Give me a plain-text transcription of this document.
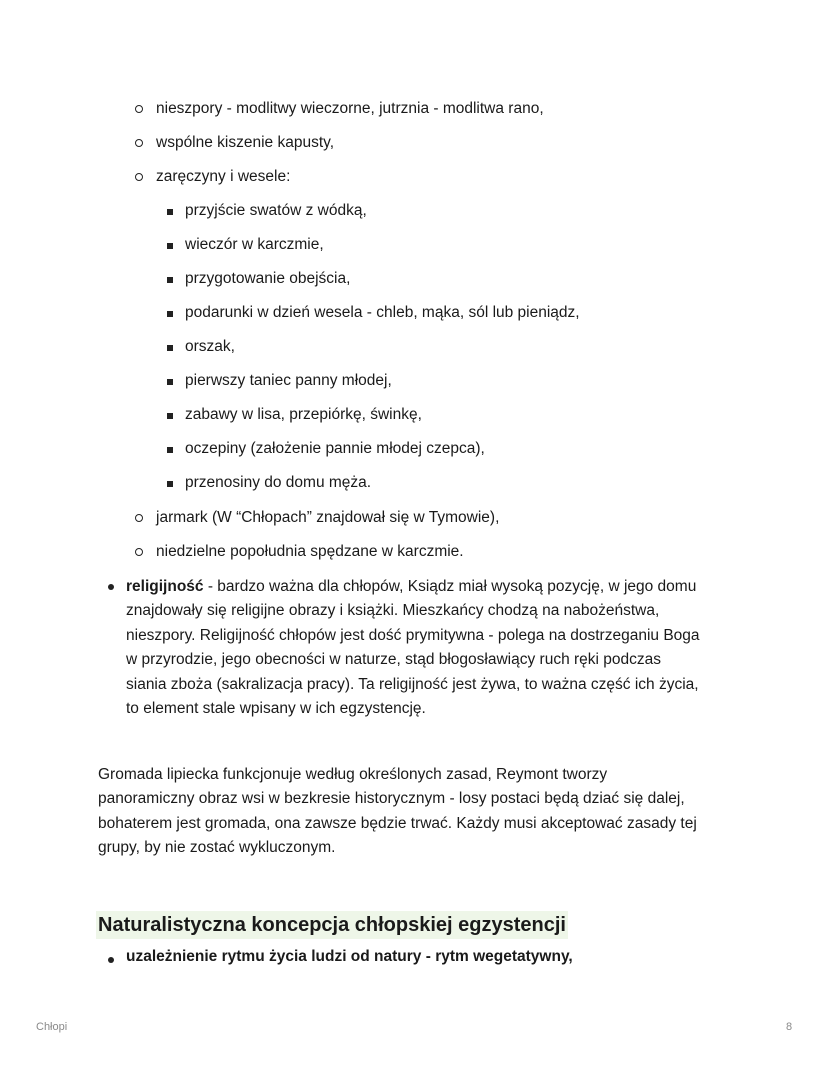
nieszpory - modlitwy wieczorne, jutrznia - modlitwa rano,
wspólne kiszenie kapusty,
zaręczyny i wesele:
przyjście swatów z wódką,
wieczór w karczmie,
przygotowanie obejścia,
podarunki w dzień wesela - chleb, mąka, sól lub pieniądz,
orszak,
pierwszy taniec panny młodej,
zabawy w lisa, przepiórkę, świnkę,
oczepiny (założenie pannie młodej czepca),
przenosiny do domu męża.
jarmark (W “Chłopach” znajdował się w Tymowie),
niedzielne popołudnia spędzane w karczmie.
religijność - bardzo ważna dla chłopów, Ksiądz miał wysoką pozycję, w jego domu
znajdowały się religijne obrazy i książki. Mieszkańcy chodzą na nabożeństwa,
nieszpory. Religijność chłopów jest dość prymitywna - polega na dostrzeganiu Boga
w przyrodzie, jego obecności w naturze, stąd błogosławiący ruch ręki podczas
siania zboża (sakralizacja pracy). Ta religijność jest żywa, to ważna część ich życia,
to element stale wpisany w ich egzystencję.
Gromada lipiecka funkcjonuje według określonych zasad, Reymont tworzy
panoramiczny obraz wsi w bezkresie historycznym - losy postaci będą dziać się dalej,
bohaterem jest gromada, ona zawsze będzie trwać. Każdy musi akceptować zasady tej
grupy, by nie zostać wykluczonym.
Naturalistyczna koncepcja chłopskiej egzystencji
uzależnienie rytmu życia ludzi od natury - rytm wegetatywny,
Chłopi	8
